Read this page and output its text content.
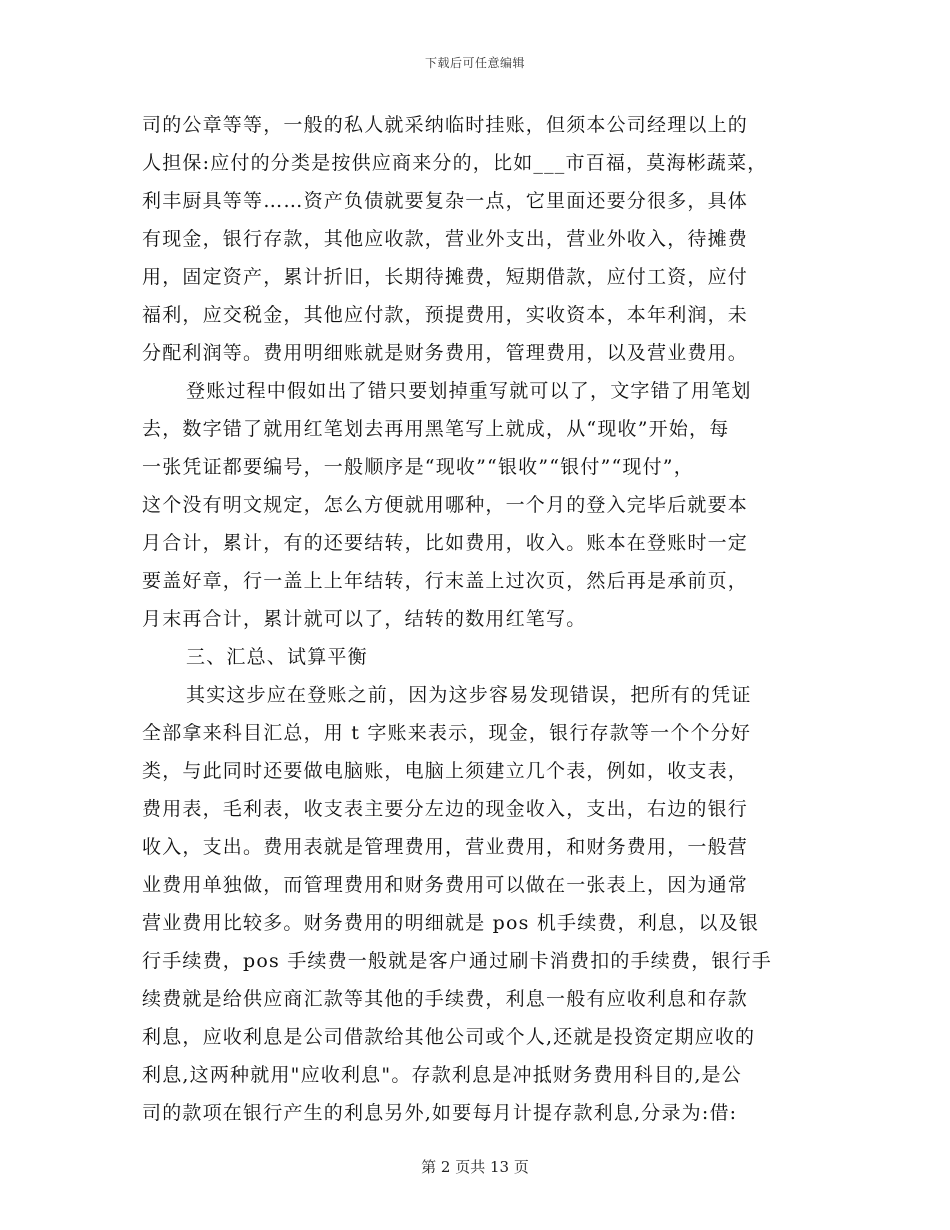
下载后可任意编辑
司的公章等等，一般的私人就采纳临时挂账，但须本公司经理以上的
人担保:应付的分类是按供应商来分的，比如___市百福，莫海彬蔬菜，
利丰厨具等等……资产负债就要复杂一点，它里面还要分很多，具体
有现金，银行存款，其他应收款，营业外支出，营业外收入，待摊费
用，固定资产，累计折旧，长期待摊费，短期借款，应付工资，应付
福利，应交税金，其他应付款，预提费用，实收资本，本年利润，未
分配利润等。费用明细账就是财务费用，管理费用，以及营业费用。
登账过程中假如出了错只要划掉重写就可以了，文字错了用笔划
去，数字错了就用红笔划去再用黑笔写上就成，从“现收”开始，每
一张凭证都要编号，一般顺序是“现收”“银收”“银付”“现付”，
这个没有明文规定，怎么方便就用哪种，一个月的登入完毕后就要本
月合计，累计，有的还要结转，比如费用，收入。账本在登账时一定
要盖好章，行一盖上上年结转，行末盖上过次页，然后再是承前页，
月末再合计，累计就可以了，结转的数用红笔写。
三、汇总、试算平衡
其实这步应在登账之前，因为这步容易发现错误，把所有的凭证
全部拿来科目汇总，用 t 字账来表示，现金，银行存款等一个个分好
类，与此同时还要做电脑账，电脑上须建立几个表，例如，收支表，
费用表，毛利表，收支表主要分左边的现金收入，支出，右边的银行
收入，支出。费用表就是管理费用，营业费用，和财务费用，一般营
业费用单独做，而管理费用和财务费用可以做在一张表上，因为通常
营业费用比较多。财务费用的明细就是 pos 机手续费，利息，以及银
行手续费，pos 手续费一般就是客户通过刷卡消费扣的手续费，银行手
续费就是给供应商汇款等其他的手续费，利息一般有应收利息和存款
利息，应收利息是公司借款给其他公司或个人,还就是投资定期应收的
利息,这两种就用"应收利息"。存款利息是冲抵财务费用科目的,是公
司的款项在银行产生的利息另外,如要每月计提存款利息,分录为:借:
第 2 页共 13 页
